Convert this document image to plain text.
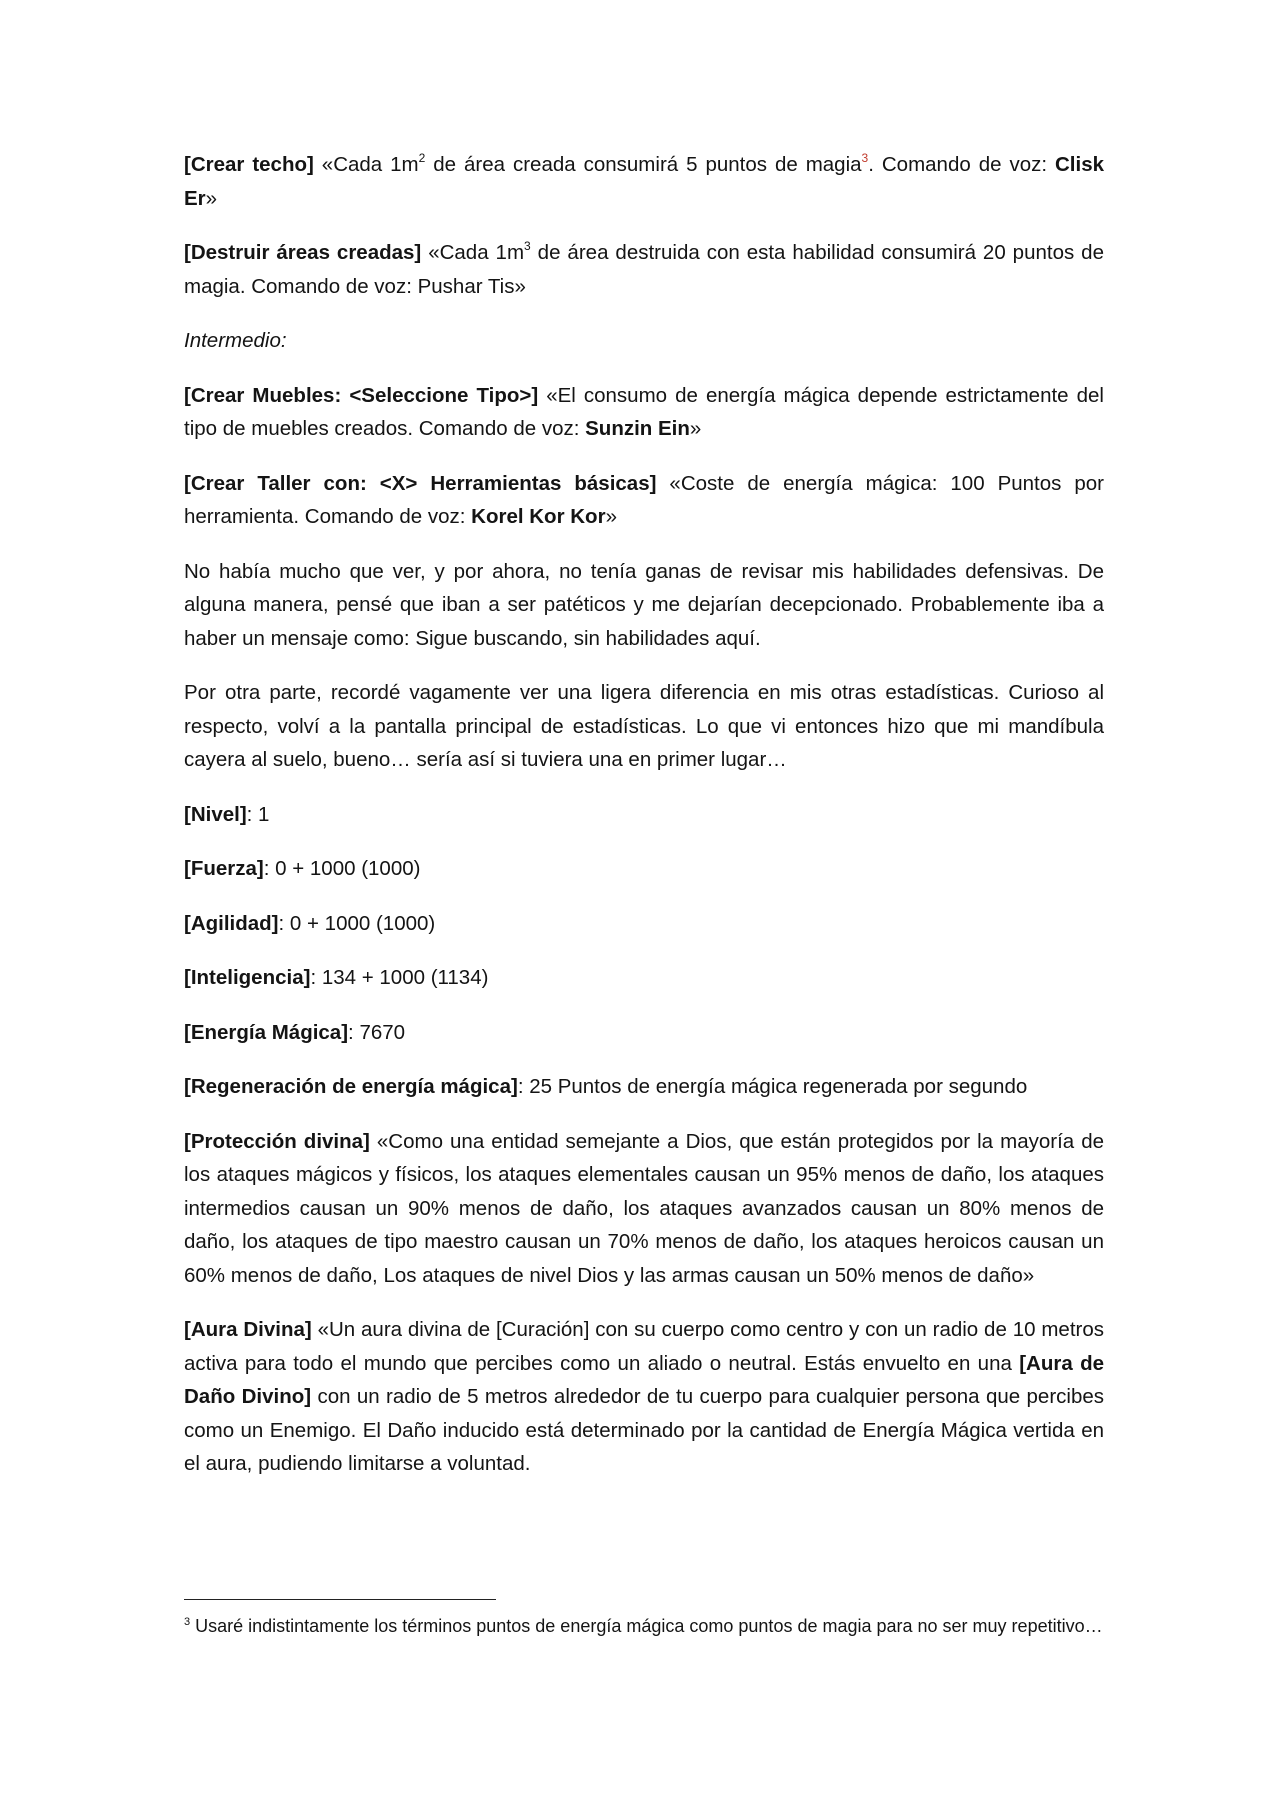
[Crear techo] «Cada $1m^2$ de área creada consumirá 5 puntos de magia$^3$. Comando de voz: Clisk Er»

[Destruir áreas creadas] «Cada $1m^3$ de área destruida con esta habilidad consumirá 20 puntos de magia. Comando de voz: Pushar Tis»

Intermedio:

[Crear Muebles: <Seleccione Tipo>] «El consumo de energía mágica depende estrictamente del tipo de muebles creados. Comando de voz: Sunzin Ein»

[Crear Taller con: <X> Herramientas básicas] «Coste de energía mágica: 100 Puntos por herramienta. Comando de voz: Korel Kor Kor»

No había mucho que ver, y por ahora, no tenía ganas de revisar mis habilidades defensivas. De alguna manera, pensé que iban a ser patéticos y me dejarían decepcionado. Probablemente iba a haber un mensaje como: Sigue buscando, sin habilidades aquí.

Por otra parte, recordé vagamente ver una ligera diferencia en mis otras estadísticas. Curioso al respecto, volví a la pantalla principal de estadísticas. Lo que vi entonces hizo que mi mandíbula cayera al suelo, bueno… sería así si tuviera una en primer lugar…

[Nivel]: 1

[Fuerza]: 0 + 1000 (1000)

[Agilidad]: 0 + 1000 (1000)

[Inteligencia]: 134 + 1000 (1134)

[Energía Mágica]: 7670

[Regeneración de energía mágica]: 25 Puntos de energía mágica regenerada por segundo

[Protección divina] «Como una entidad semejante a Dios, que están protegidos por la mayoría de los ataques mágicos y físicos, los ataques elementales causan un 95% menos de daño, los ataques intermedios causan un 90% menos de daño, los ataques avanzados causan un 80% menos de daño, los ataques de tipo maestro causan un 70% menos de daño, los ataques heroicos causan un 60% menos de daño, Los ataques de nivel Dios y las armas causan un 50% menos de daño»

[Aura Divina] «Un aura divina de [Curación] con su cuerpo como centro y con un radio de 10 metros activa para todo el mundo que percibes como un aliado o neutral. Estás envuelto en una [Aura de Daño Divino] con un radio de 5 metros alrededor de tu cuerpo para cualquier persona que percibes como un Enemigo. El Daño inducido está determinado por la cantidad de Energía Mágica vertida en el aura, pudiendo limitarse a voluntad.

$^3$ Usaré indistintamente los términos puntos de energía mágica como puntos de magia para no ser muy repetitivo…
